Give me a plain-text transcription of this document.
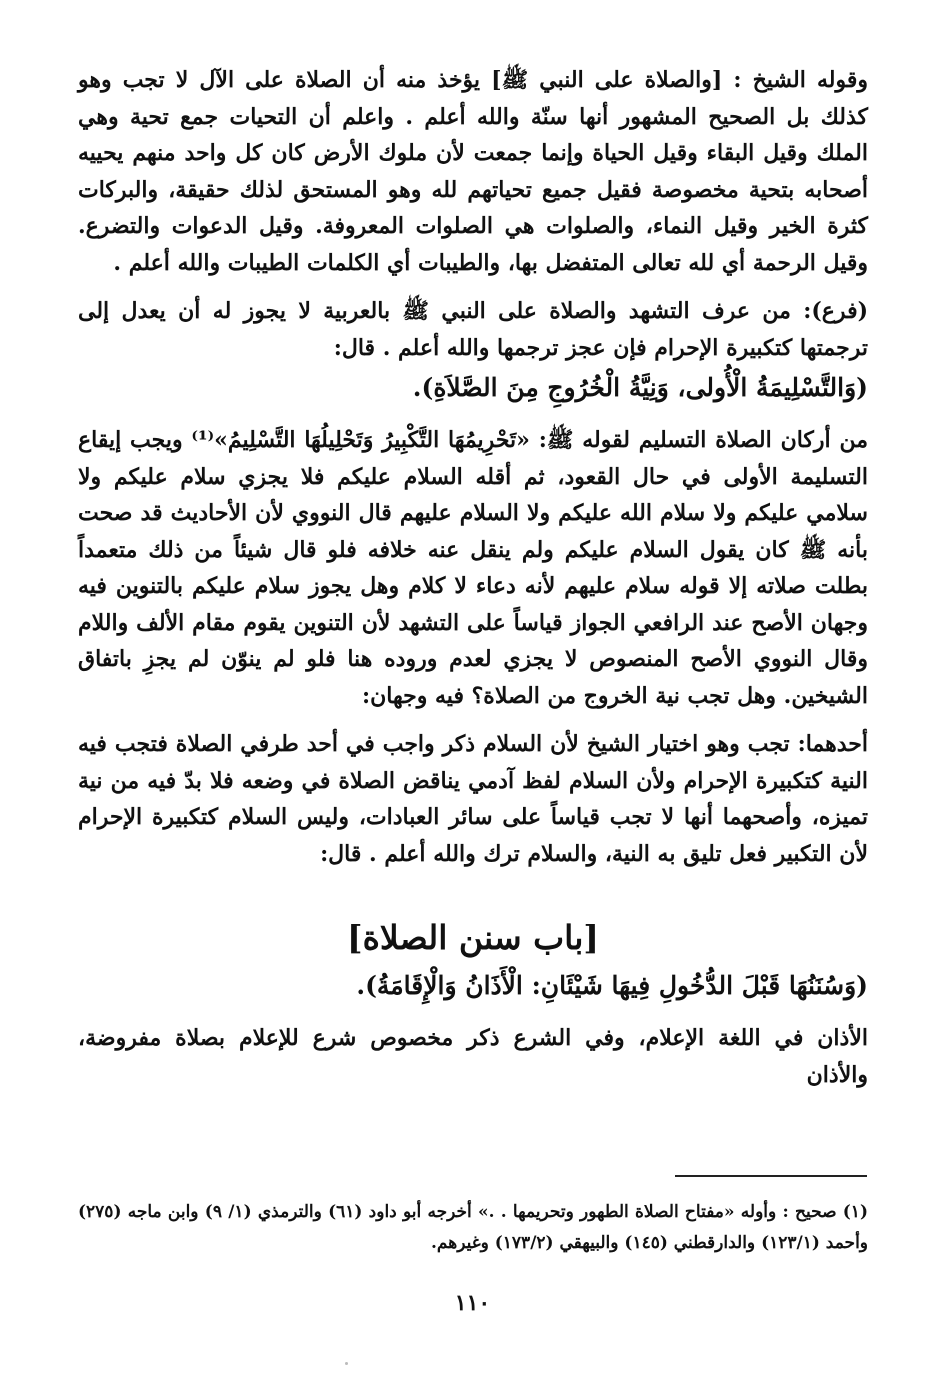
وقوله الشيخ : [والصلاة على النبي ﷺ] يؤخذ منه أن الصلاة على الآل لا تجب وهو كذلك بل الصحيح المشهور أنها سنّة والله أعلم . واعلم أن التحيات جمع تحية وهي الملك وقيل البقاء وقيل الحياة وإنما جمعت لأن ملوك الأرض كان كل واحد منهم يحييه أصحابه بتحية مخصوصة فقيل جميع تحياتهم لله وهو المستحق لذلك حقيقة، والبركات كثرة الخير وقيل النماء، والصلوات هي الصلوات المعروفة. وقيل الدعوات والتضرع. وقيل الرحمة أي لله تعالى المتفضل بها، والطيبات أي الكلمات الطيبات والله أعلم .

(فرع): من عرف التشهد والصلاة على النبي ﷺ بالعربية لا يجوز له أن يعدل إلى ترجمتها كتكبيرة الإحرام فإن عجز ترجمها والله أعلم . قال:

(وَالتَّسْلِيمَةُ الْأُولى، وَنِيَّةُ الْخُرُوجِ مِنَ الصَّلاَةِ).

من أركان الصلاة التسليم لقوله ﷺ: «تَحْرِيمُهَا التَّكْبِيرُ وَتَحْلِيلُهَا التَّسْلِيمُ»⁽¹⁾ ويجب إيقاع التسليمة الأولى في حال القعود، ثم أقله السلام عليكم فلا يجزي سلام عليكم ولا سلامي عليكم ولا سلام الله عليكم ولا السلام عليهم قال النووي لأن الأحاديث قد صحت بأنه ﷺ كان يقول السلام عليكم ولم ينقل عنه خلافه فلو قال شيئاً من ذلك متعمداً بطلت صلاته إلا قوله سلام عليهم لأنه دعاء لا كلام وهل يجوز سلام عليكم بالتنوين فيه وجهان الأصح عند الرافعي الجواز قياساً على التشهد لأن التنوين يقوم مقام الألف واللام وقال النووي الأصح المنصوص لا يجزي لعدم وروده هنا فلو لم ينوّن لم يجزِ باتفاق الشيخين. وهل تجب نية الخروج من الصلاة؟ فيه وجهان:

أحدهما: تجب وهو اختيار الشيخ لأن السلام ذكر واجب في أحد طرفي الصلاة فتجب فيه النية كتكبيرة الإحرام ولأن السلام لفظ آدمي يناقض الصلاة في وضعه فلا بدّ فيه من نية تميزه، وأصحهما أنها لا تجب قياساً على سائر العبادات، وليس السلام كتكبيرة الإحرام لأن التكبير فعل تليق به النية، والسلام ترك والله أعلم . قال:

[باب سنن الصلاة]

(وَسُنَنُهَا قَبْلَ الدُّخُولِ فِيهَا شَيْئَانِ: الْأَذَانُ وَالْإِقَامَةُ).

الأذان في اللغة الإعلام، وفي الشرع ذكر مخصوص شرع للإعلام بصلاة مفروضة، والأذان

(١) صحيح : وأوله «مفتاح الصلاة الطهور وتحريمها . .» أخرجه أبو داود (٦١) والترمذي (١/ ٩) وابن ماجه (٢٧٥) وأحمد (١٢٣/١) والدارقطني (١٤٥) والبيهقي (١٧٣/٢) وغيرهم.
١١٠
